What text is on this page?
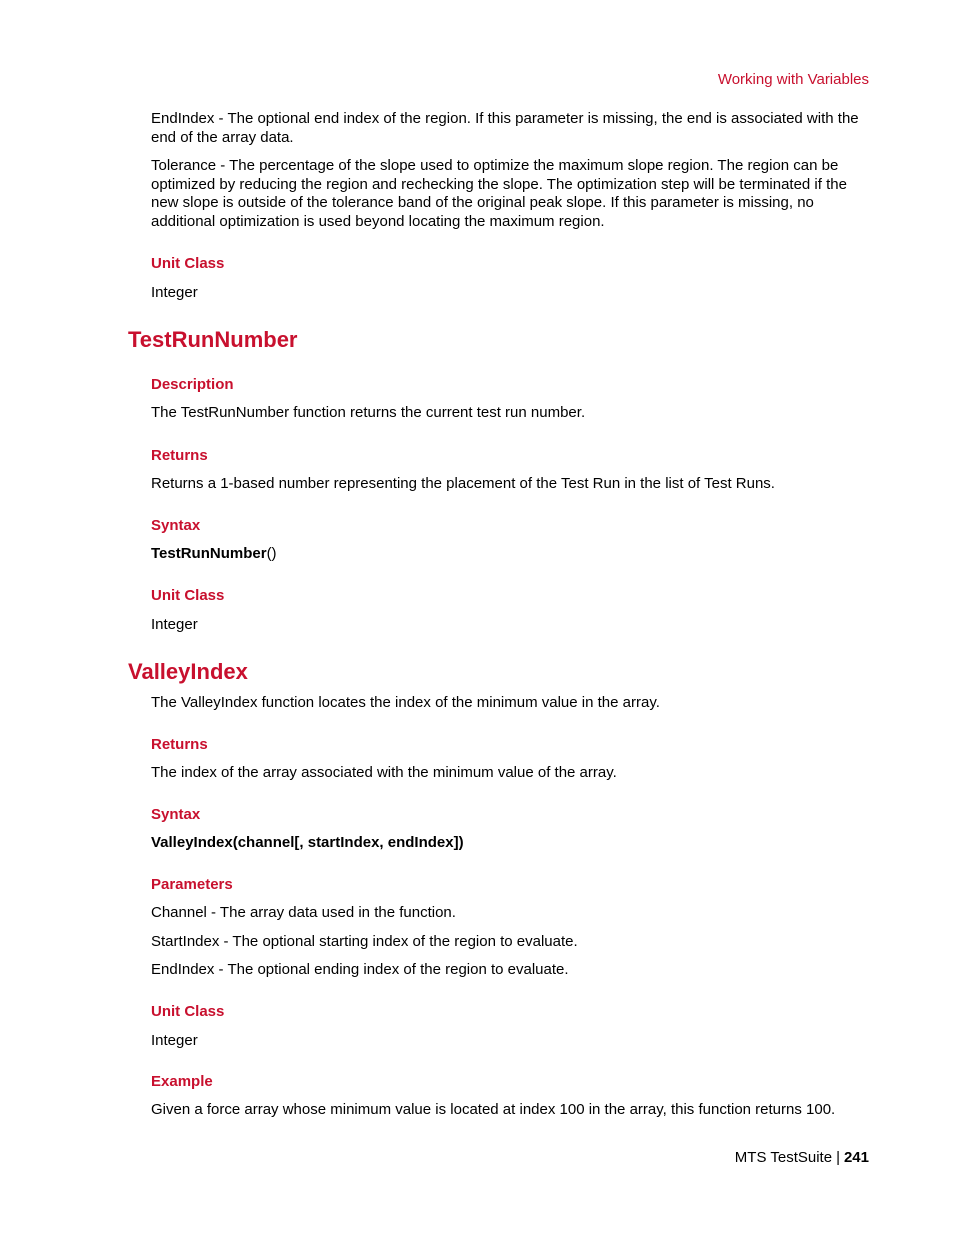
Working with Variables

EndIndex - The optional end index of the region. If this parameter is missing, the end is associated with the end of the array data.

Tolerance - The percentage of the slope used to optimize the maximum slope region. The region can be optimized by reducing the region and rechecking the slope. The optimization step will be terminated if the new slope is outside of the tolerance band of the original peak slope. If this parameter is missing, no additional optimization is used beyond locating the maximum region.

Unit Class

Integer

TestRunNumber
Description

The TestRunNumber function returns the current test run number.

Returns

Returns a 1-based number representing the placement of the Test Run in the list of Test Runs.

Syntax

TestRunNumber()

Unit Class

Integer

ValleyIndex

The ValleyIndex function locates the index of the minimum value in the array.

Returns

The index of the array associated with the minimum value of the array.

Syntax

ValleyIndex(channel[, startIndex, endIndex])

Parameters

Channel - The array data used in the function.

StartIndex - The optional starting index of the region to evaluate.

EndIndex - The optional ending index of the region to evaluate.

Unit Class

Integer

Example

Given a force array whose minimum value is located at index 100 in the array, this function returns 100.

MTS TestSuite | 241
